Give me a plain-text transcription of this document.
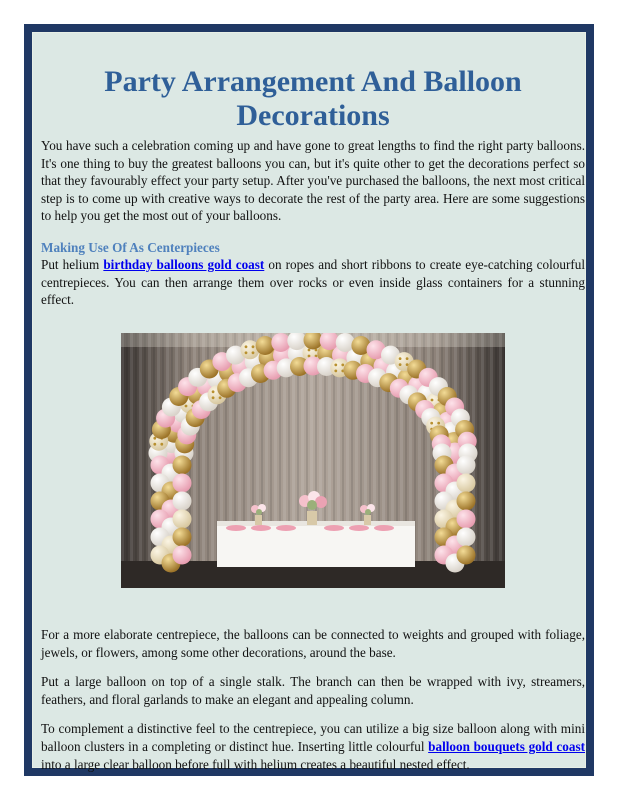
Party Arrangement And Balloon Decorations

You have such a celebration coming up and have gone to great lengths to find the right party balloons. It's one thing to buy the greatest balloons you can, but it's quite other to get the decorations perfect so that they favourably effect your party setup. After you've purchased the balloons, the next most critical step is to come up with creative ways to decorate the rest of the party area. Here are some suggestions to help you get the most out of your balloons.

Making Use Of As Centerpieces

Put helium birthday balloons gold coast on ropes and short ribbons to create eye-catching colourful centrepieces. You can then arrange them over rocks or even inside glass containers for a stunning effect.

For a more elaborate centrepiece, the balloons can be connected to weights and grouped with foliage, jewels, or flowers, among some other decorations, around the base.

Put a large balloon on top of a single stalk. The branch can then be wrapped with ivy, streamers, feathers, and floral garlands to make an elegant and appealing column.

To complement a distinctive feel to the centrepiece, you can utilize a big size balloon along with mini balloon clusters in a completing or distinct hue. Inserting little colourful balloon bouquets gold coast into a large clear balloon before full with helium creates a beautiful nested effect.
